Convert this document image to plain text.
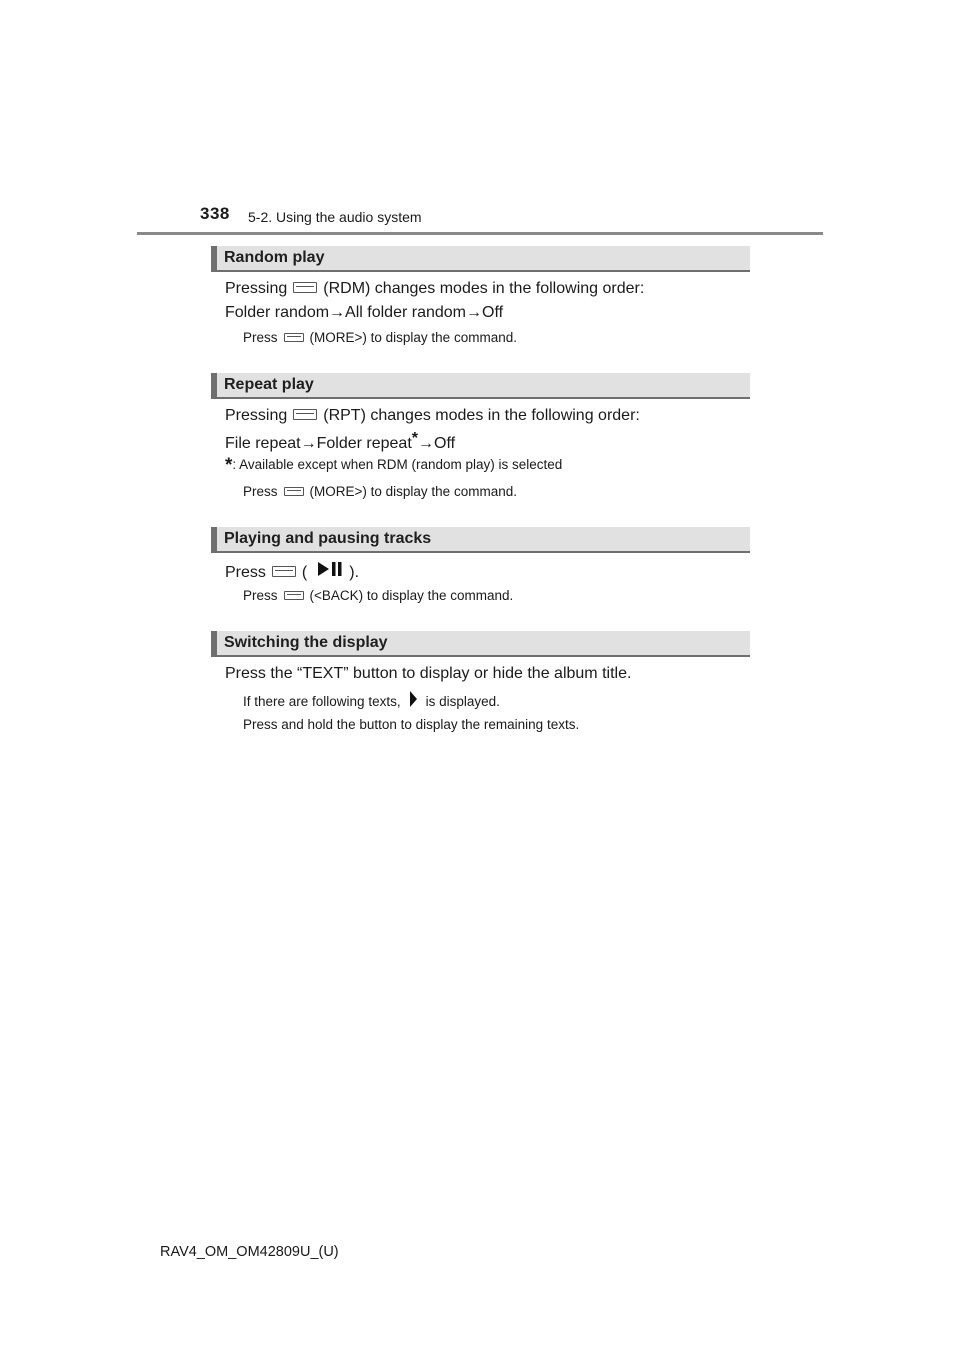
338 5-2. Using the audio system
Random play
Pressing (RDM) changes modes in the following order:
Folder random→All folder random→Off
Press (MORE>) to display the command.
Repeat play
Pressing (RPT) changes modes in the following order:
File repeat→Folder repeat*→Off
*: Available except when RDM (random play) is selected
Press (MORE>) to display the command.
Playing and pausing tracks
Press (	).
Press (<BACK) to display the command.
Switching the display
Press the “TEXT” button to display or hide the album title.
If there are following texts, is displayed.
Press and hold the button to display the remaining texts.
RAV4_OM_OM42809U_(U)
